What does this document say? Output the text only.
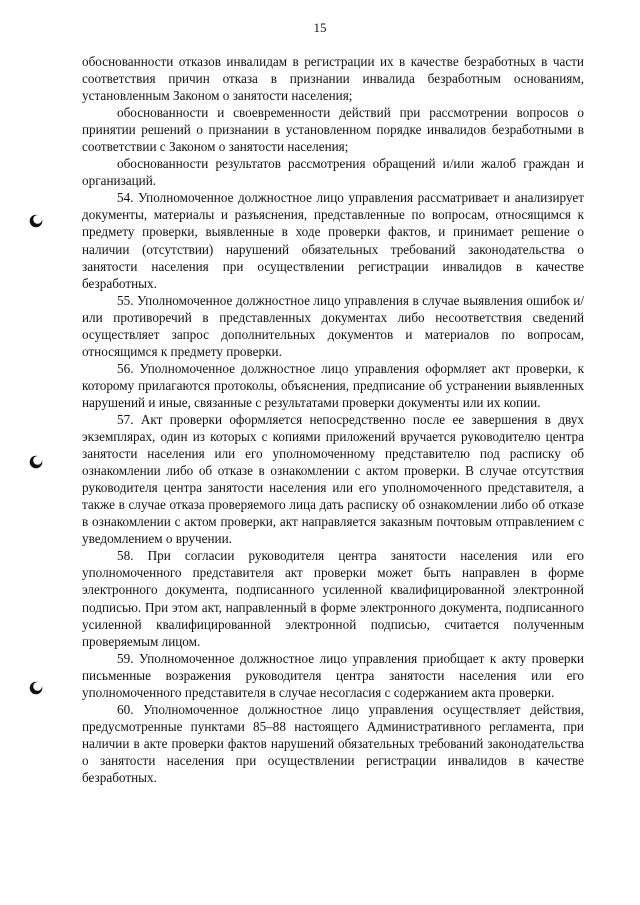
15

обоснованности отказов инвалидам в регистрации их в качестве безработных в части соответствия причин отказа в признании инвалида безработным основаниям, установленным Законом о занятости населения;

обоснованности и своевременности действий при рассмотрении вопросов о принятии решений о признании в установленном порядке инвалидов безработными в соответствии с Законом о занятости населения;

обоснованности результатов рассмотрения обращений и/или жалоб граждан и организаций.

54. Уполномоченное должностное лицо управления рассматривает и анализирует документы, материалы и разъяснения, представленные по вопросам, относящимся к предмету проверки, выявленные в ходе проверки фактов, и принимает решение о наличии (отсутствии) нарушений обязательных требований законодательства о занятости населения при осуществлении регистрации инвалидов в качестве безработных.

55. Уполномоченное должностное лицо управления в случае выявления ошибок и/или противоречий в представленных документах либо несоответствия сведений осуществляет запрос дополнительных документов и материалов по вопросам, относящимся к предмету проверки.

56. Уполномоченное должностное лицо управления оформляет акт проверки, к которому прилагаются протоколы, объяснения, предписание об устранении выявленных нарушений и иные, связанные с результатами проверки документы или их копии.

57. Акт проверки оформляется непосредственно после ее завершения в двух экземплярах, один из которых с копиями приложений вручается руководителю центра занятости населения или его уполномоченному представителю под расписку об ознакомлении либо об отказе в ознакомлении с актом проверки. В случае отсутствия руководителя центра занятости населения или его уполномоченного представителя, а также в случае отказа проверяемого лица дать расписку об ознакомлении либо об отказе в ознакомлении с актом проверки, акт направляется заказным почтовым отправлением с уведомлением о вручении.

58. При согласии руководителя центра занятости населения или его уполномоченного представителя акт проверки может быть направлен в форме электронного документа, подписанного усиленной квалифицированной электронной подписью. При этом акт, направленный в форме электронного документа, подписанного усиленной квалифицированной электронной подписью, считается полученным проверяемым лицом.

59. Уполномоченное должностное лицо управления приобщает к акту проверки письменные возражения руководителя центра занятости населения или его уполномоченного представителя в случае несогласия с содержанием акта проверки.

60. Уполномоченное должностное лицо управления осуществляет действия, предусмотренные пунктами 85–88 настоящего Административного регламента, при наличии в акте проверки фактов нарушений обязательных требований законодательства о занятости населения при осуществлении регистрации инвалидов в качестве безработных.
